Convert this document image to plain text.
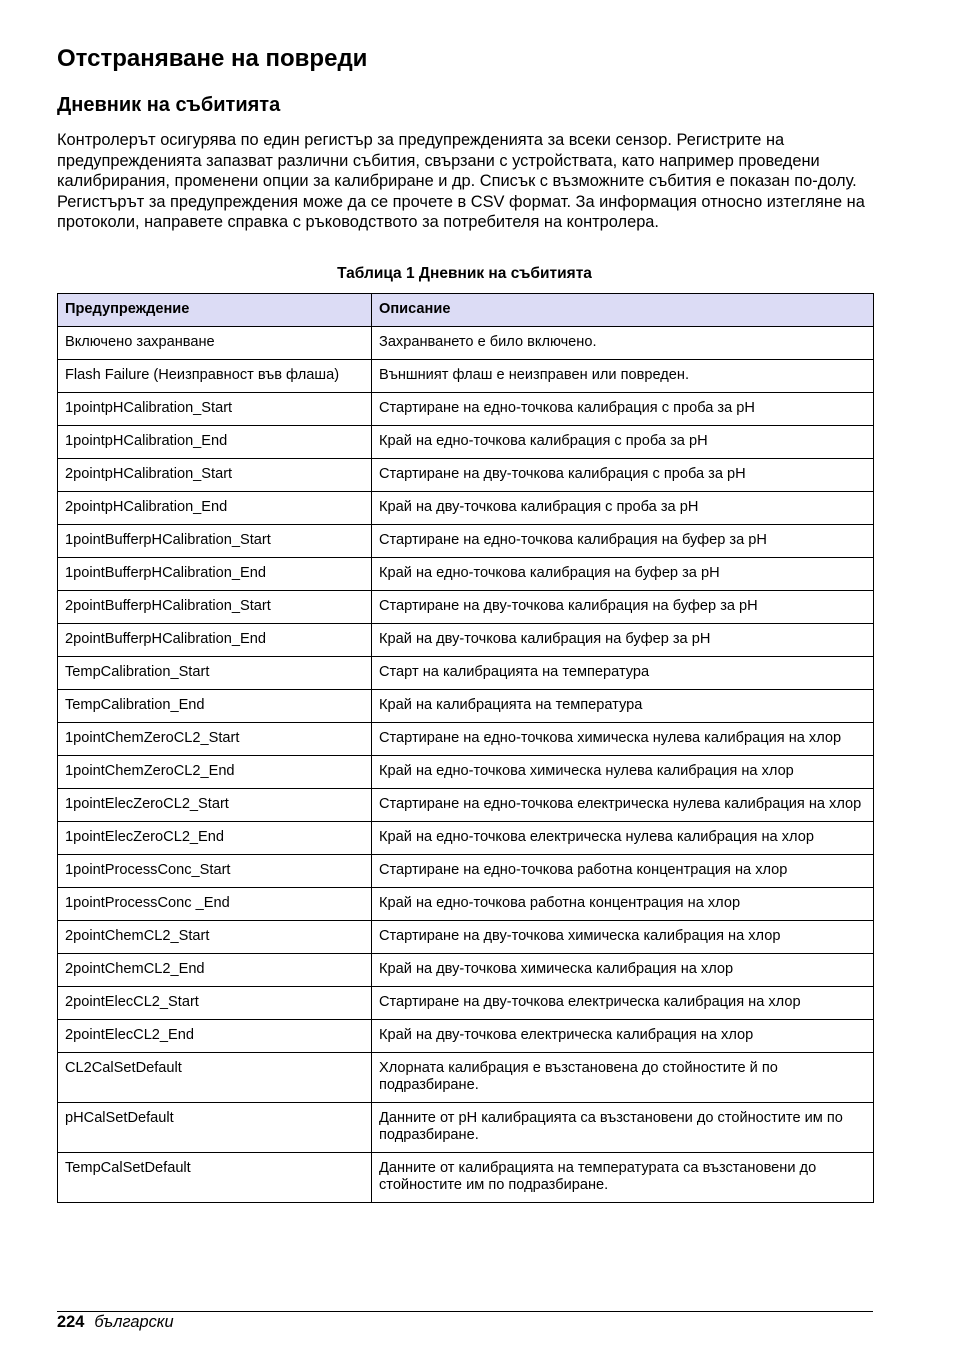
Отстраняване на повреди
Дневник на събитията

Контролерът осигурява по един регистър за предупрежденията за всеки сензор. Регистрите на предупрежденията запазват различни събития, свързани с устройствата, като например проведени калибрирания, променени опции за калибриране и др. Списък с възможните събития е показан по-долу. Регистърът за предупреждения може да се прочете в CSV формат. За информация относно изтегляне на протоколи, направете справка с ръководството за потребителя на контролера.

Таблица 1 Дневник на събитията
Предупреждение	Описание
Включено захранване	Захранването е било включено.
Flash Failure (Неизправност във флаша)	Външният флаш е неизправен или повреден.
1pointpHCalibration_Start	Стартиране на едно-точкова калибрация с проба за pH
1pointpHCalibration_End	Край на едно-точкова калибрация с проба за pH
2pointpHCalibration_Start	Стартиране на дву-точкова калибрация с проба за pH
2pointpHCalibration_End	Край на дву-точкова калибрация с проба за pH
1pointBufferpHCalibration_Start	Стартиране на едно-точкова калибрация на буфер за pH
1pointBufferpHCalibration_End	Край на едно-точкова калибрация на буфер за pH
2pointBufferpHCalibration_Start	Стартиране на дву-точкова калибрация на буфер за pH
2pointBufferpHCalibration_End	Край на дву-точкова калибрация на буфер за pH
TempCalibration_Start	Старт на калибрацията на температура
TempCalibration_End	Край на калибрацията на температура
1pointChemZeroCL2_Start	Стартиране на едно-точкова химическа нулева калибрация на хлор
1pointChemZeroCL2_End	Край на едно-точкова химическа нулева калибрация на хлор
1pointElecZeroCL2_Start	Стартиране на едно-точкова електрическа нулева калибрация на хлор
1pointElecZeroCL2_End	Край на едно-точкова електрическа нулева калибрация на хлор
1pointProcessConc_Start	Стартиране на едно-точкова работна концентрация на хлор
1pointProcessConc _End	Край на едно-точкова работна концентрация на хлор
2pointChemCL2_Start	Стартиране на дву-точкова химическа калибрация на хлор
2pointChemCL2_End	Край на дву-точкова химическа калибрация на хлор
2pointElecCL2_Start	Стартиране на дву-точкова електрическа калибрация на хлор
2pointElecCL2_End	Край на дву-точкова електрическа калибрация на хлор
CL2CalSetDefault	Хлорната калибрация е възстановена до стойностите й по подразбиране.
pHCalSetDefault	Данните от pH калибрацията са възстановени до стойностите им по подразбиране.
TempCalSetDefault	Данните от калибрацията на температурата са възстановени до стойностите им по подразбиране.
224 български
